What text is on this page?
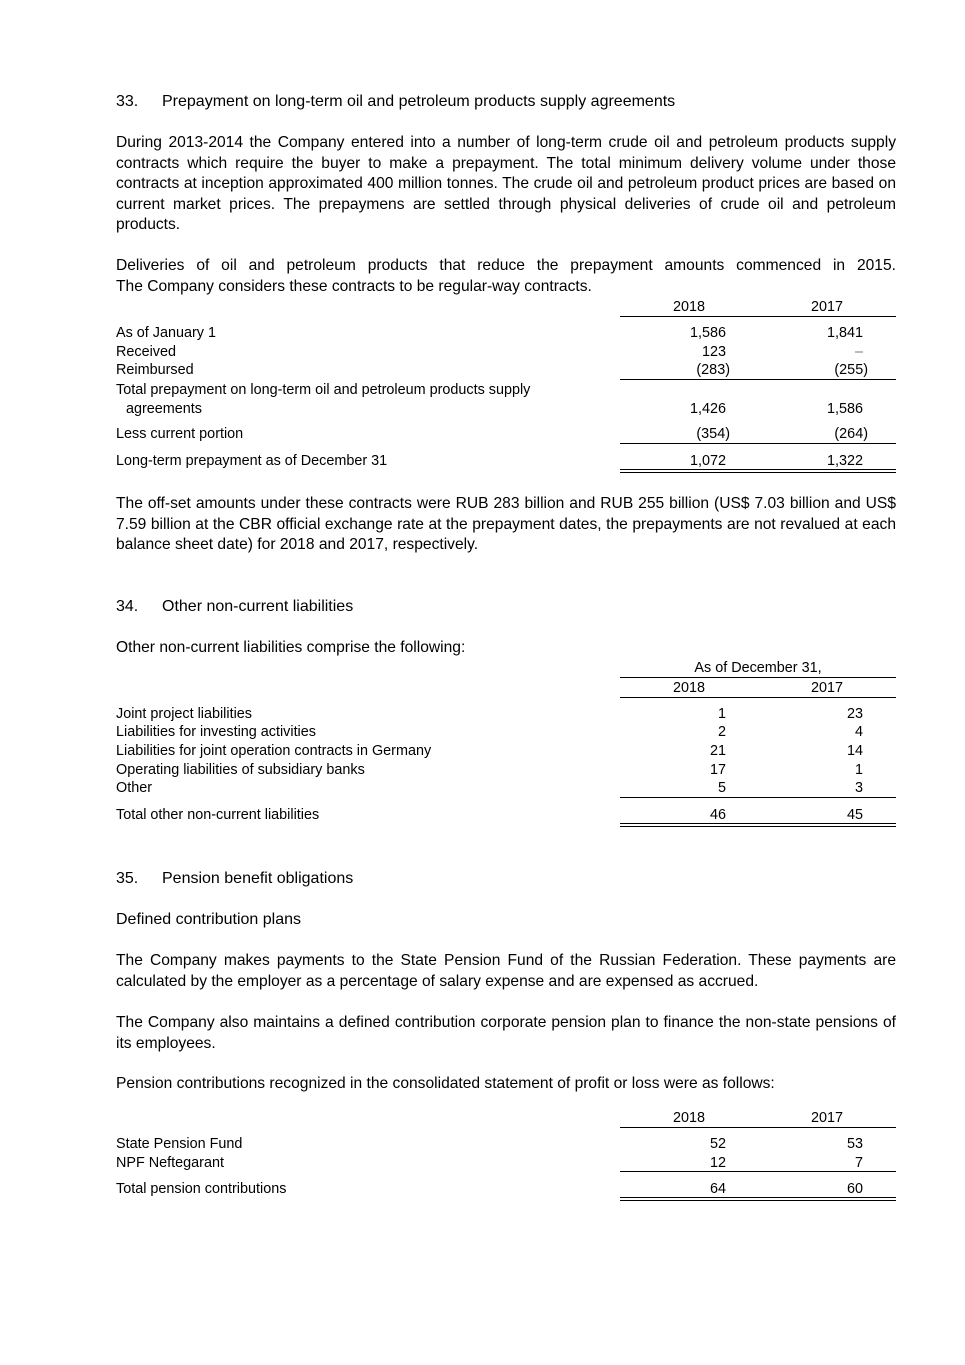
33. Prepayment on long-term oil and petroleum products supply agreements
During 2013-2014 the Company entered into a number of long-term crude oil and petroleum products supply contracts which require the buyer to make a prepayment. The total minimum delivery volume under those contracts at inception approximated 400 million tonnes. The crude oil and petroleum product prices are based on current market prices. The prepaymens are settled through physical deliveries of crude oil and petroleum products.
Deliveries of oil and petroleum products that reduce the prepayment amounts commenced in 2015.
The Company considers these contracts to be regular-way contracts.
2018	2017
As of January 1	1,586	1,841
Received	123	–
Reimbursed	(283)	(255)
Total prepayment on long-term oil and petroleum products supply
agreements	1,426	1,586
Less current portion	(354)	(264)
Long-term prepayment as of December 31	1,072	1,322
The off-set amounts under these contracts were RUB 283 billion and RUB 255 billion (US$ 7.03 billion and US$ 7.59 billion at the CBR official exchange rate at the prepayment dates, the prepayments are not revalued at each balance sheet date) for 2018 and 2017, respectively.
34. Other non-current liabilities
Other non-current liabilities comprise the following:
As of December 31,
2018	2017
Joint project liabilities	1	23
Liabilities for investing activities	2	4
Liabilities for joint operation contracts in Germany	21	14
Operating liabilities of subsidiary banks	17	1
Other	5	3
Total other non-current liabilities	46	45
35. Pension benefit obligations
Defined contribution plans
The Company makes payments to the State Pension Fund of the Russian Federation. These payments are calculated by the employer as a percentage of salary expense and are expensed as accrued.
The Company also maintains a defined contribution corporate pension plan to finance the non-state pensions of its employees.
Pension contributions recognized in the consolidated statement of profit or loss were as follows:
2018	2017
State Pension Fund	52	53
NPF Neftegarant	12	7
Total pension contributions	64	60
